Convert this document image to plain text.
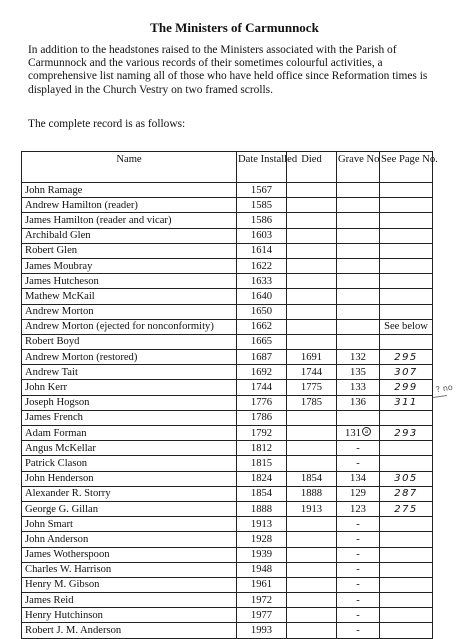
The Ministers of Carmunnock

In addition to the headstones raised to the Ministers associated with the Parish of

Carmunnock and the various records of their sometimes colourful activities, a

comprehensive list naming all of those who have held office since Reformation times is

displayed in the Church Vestry on two framed scrolls.

The complete record is as follows:
Name	Date Installed	Died	Grave No	See Page No.
John Ramage	1567			
Andrew Hamilton (reader)	1585			
James Hamilton (reader and vicar)	1586			
Archibald Glen	1603			
Robert Glen	1614			
James Moubray	1622			
James Hutcheson	1633			
Mathew McKail	1640			
Andrew Morton	1650			
Andrew Morton (ejected for nonconformity)	1662			See below
Robert Boyd	1665			
Andrew Morton (restored)	1687	1691	132	295
Andrew Tait	1692	1744	135	307
John Kerr	1744	1775	133	299
Joseph Hogson	1776	1785	136	311
James French	1786			
Adam Forman	1792		131 a	293
Angus McKellar	1812		-	
Patrick Clason	1815		-	
John Henderson	1824	1854	134	305
Alexander R. Storry	1854	1888	129	287
George G. Gillan	1888	1913	123	275
John Smart	1913		-	
John Anderson	1928		-	
James Wotherspoon	1939		-	
Charles W. Harrison	1948		-	
Henry M. Gibson	1961		-	
James Reid	1972		-	
Henry Hutchinson	1977		-	
Robert J. M. Anderson	1993		-	
? no
